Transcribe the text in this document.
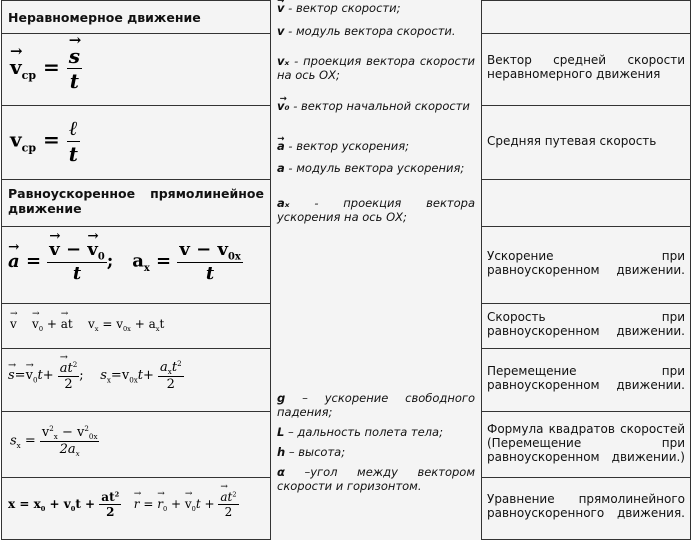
Неравномерное движение
→ $v_{ср}$ =
→ $\frac{s}{t}$
$v_{ср}$ = ℓ
t
Равноускоренное прямолинейное движение
→ a =
→ $\frac{v - \to v_0}{t}$ ; $a_x = \frac{v - v_{0x}}{t}$
→ v    → $v_0$ + → at $v_x = v_{0x} + a_xt$
→ $s=\to v_0t+$
→ $\frac{at^2}{2}$ ; $s_x=v_{0x}t+$
$a_xt^2$
2
$s_x = \frac{v^2_x - v^2_{0x}}{2a_x}$
$x = x_0 + v_0t + \frac{at^2}{2}$
→ r = → $r_0$ + → $v_0t$ +
→ $\frac{at^2}{2}$

→ v - вектор скорости;

v - модуль вектора скорости.

vₓ - проекция вектора скорости на ось ОХ;

→ v₀ - вектор начальной скорости

→ a - вектор ускорения;

a - модуль вектора ускорения;

aₓ - проекция вектора ускорения на ось ОХ;

g – ускорение свободного падения;

L – дальность полета тела;

h – высота;

α –угол между вектором скорости и горизонтом.

Вектор средней скорости неравномерного движения
Средняя путевая скорость
Ускорение при равноускоренном движении.
Скорость при равноускоренном движении.
Перемещение при равноускоренном движении.
Формула квадратов скоростей (Перемещение при равноускоренном движении.)
Уравнение прямолинейного равноускоренного движения.
